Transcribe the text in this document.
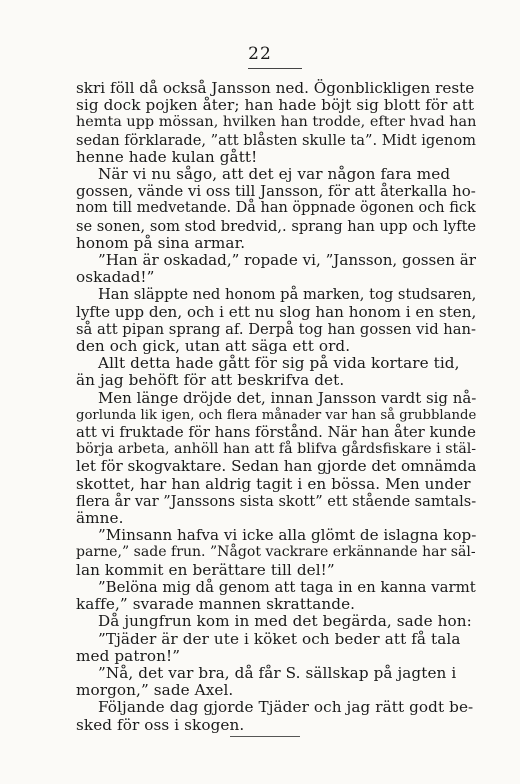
22
skri föll då också Jansson ned. Ögonblickligen reste
sig dock pojken åter; han hade böjt sig blott för att
hemta upp mössan, hvilken han trodde, efter hvad han
sedan förklarade, ”att blåsten skulle ta”. Midt igenom
henne hade kulan gått!
När vi nu sågo, att det ej var någon fara med
gossen, vände vi oss till Jansson, för att återkalla ho-
nom till medvetande. Då han öppnade ögonen och fick
se sonen, som stod bredvid,. sprang han upp och lyfte
honom på sina armar.
”Han är oskadad,” ropade vi, ”Jansson, gossen är
oskadad!”
Han släppte ned honom på marken, tog studsaren,
lyfte upp den, och i ett nu slog han honom i en sten,
så att pipan sprang af. Derpå tog han gossen vid han-
den och gick, utan att säga ett ord.
Allt detta hade gått för sig på vida kortare tid,
än jag behöft för att beskrifva det.
Men länge dröjde det, innan Jansson vardt sig nå-
gorlunda lik igen, och flera månader var han så grubblande
att vi fruktade för hans förstånd. När han åter kunde
börja arbeta, anhöll han att få blifva gårdsfiskare i stäl-
let för skogvaktare. Sedan han gjorde det omnämda
skottet, har han aldrig tagit i en bössa. Men under
flera år var ”Janssons sista skott” ett stående samtals-
ämne.
”Minsann hafva vi icke alla glömt de islagna kop-
parne,” sade frun. ”Något vackrare erkännande har säl-
lan kommit en berättare till del!”
”Belöna mig då genom att taga in en kanna varmt
kaffe,” svarade mannen skrattande.
Då jungfrun kom in med det begärda, sade hon:
”Tjäder är der ute i köket och beder att få tala
med patron!”
”Nå, det var bra, då får S. sällskap på jagten i
morgon,” sade Axel.
Följande dag gjorde Tjäder och jag rätt godt be-
sked för oss i skogen.
